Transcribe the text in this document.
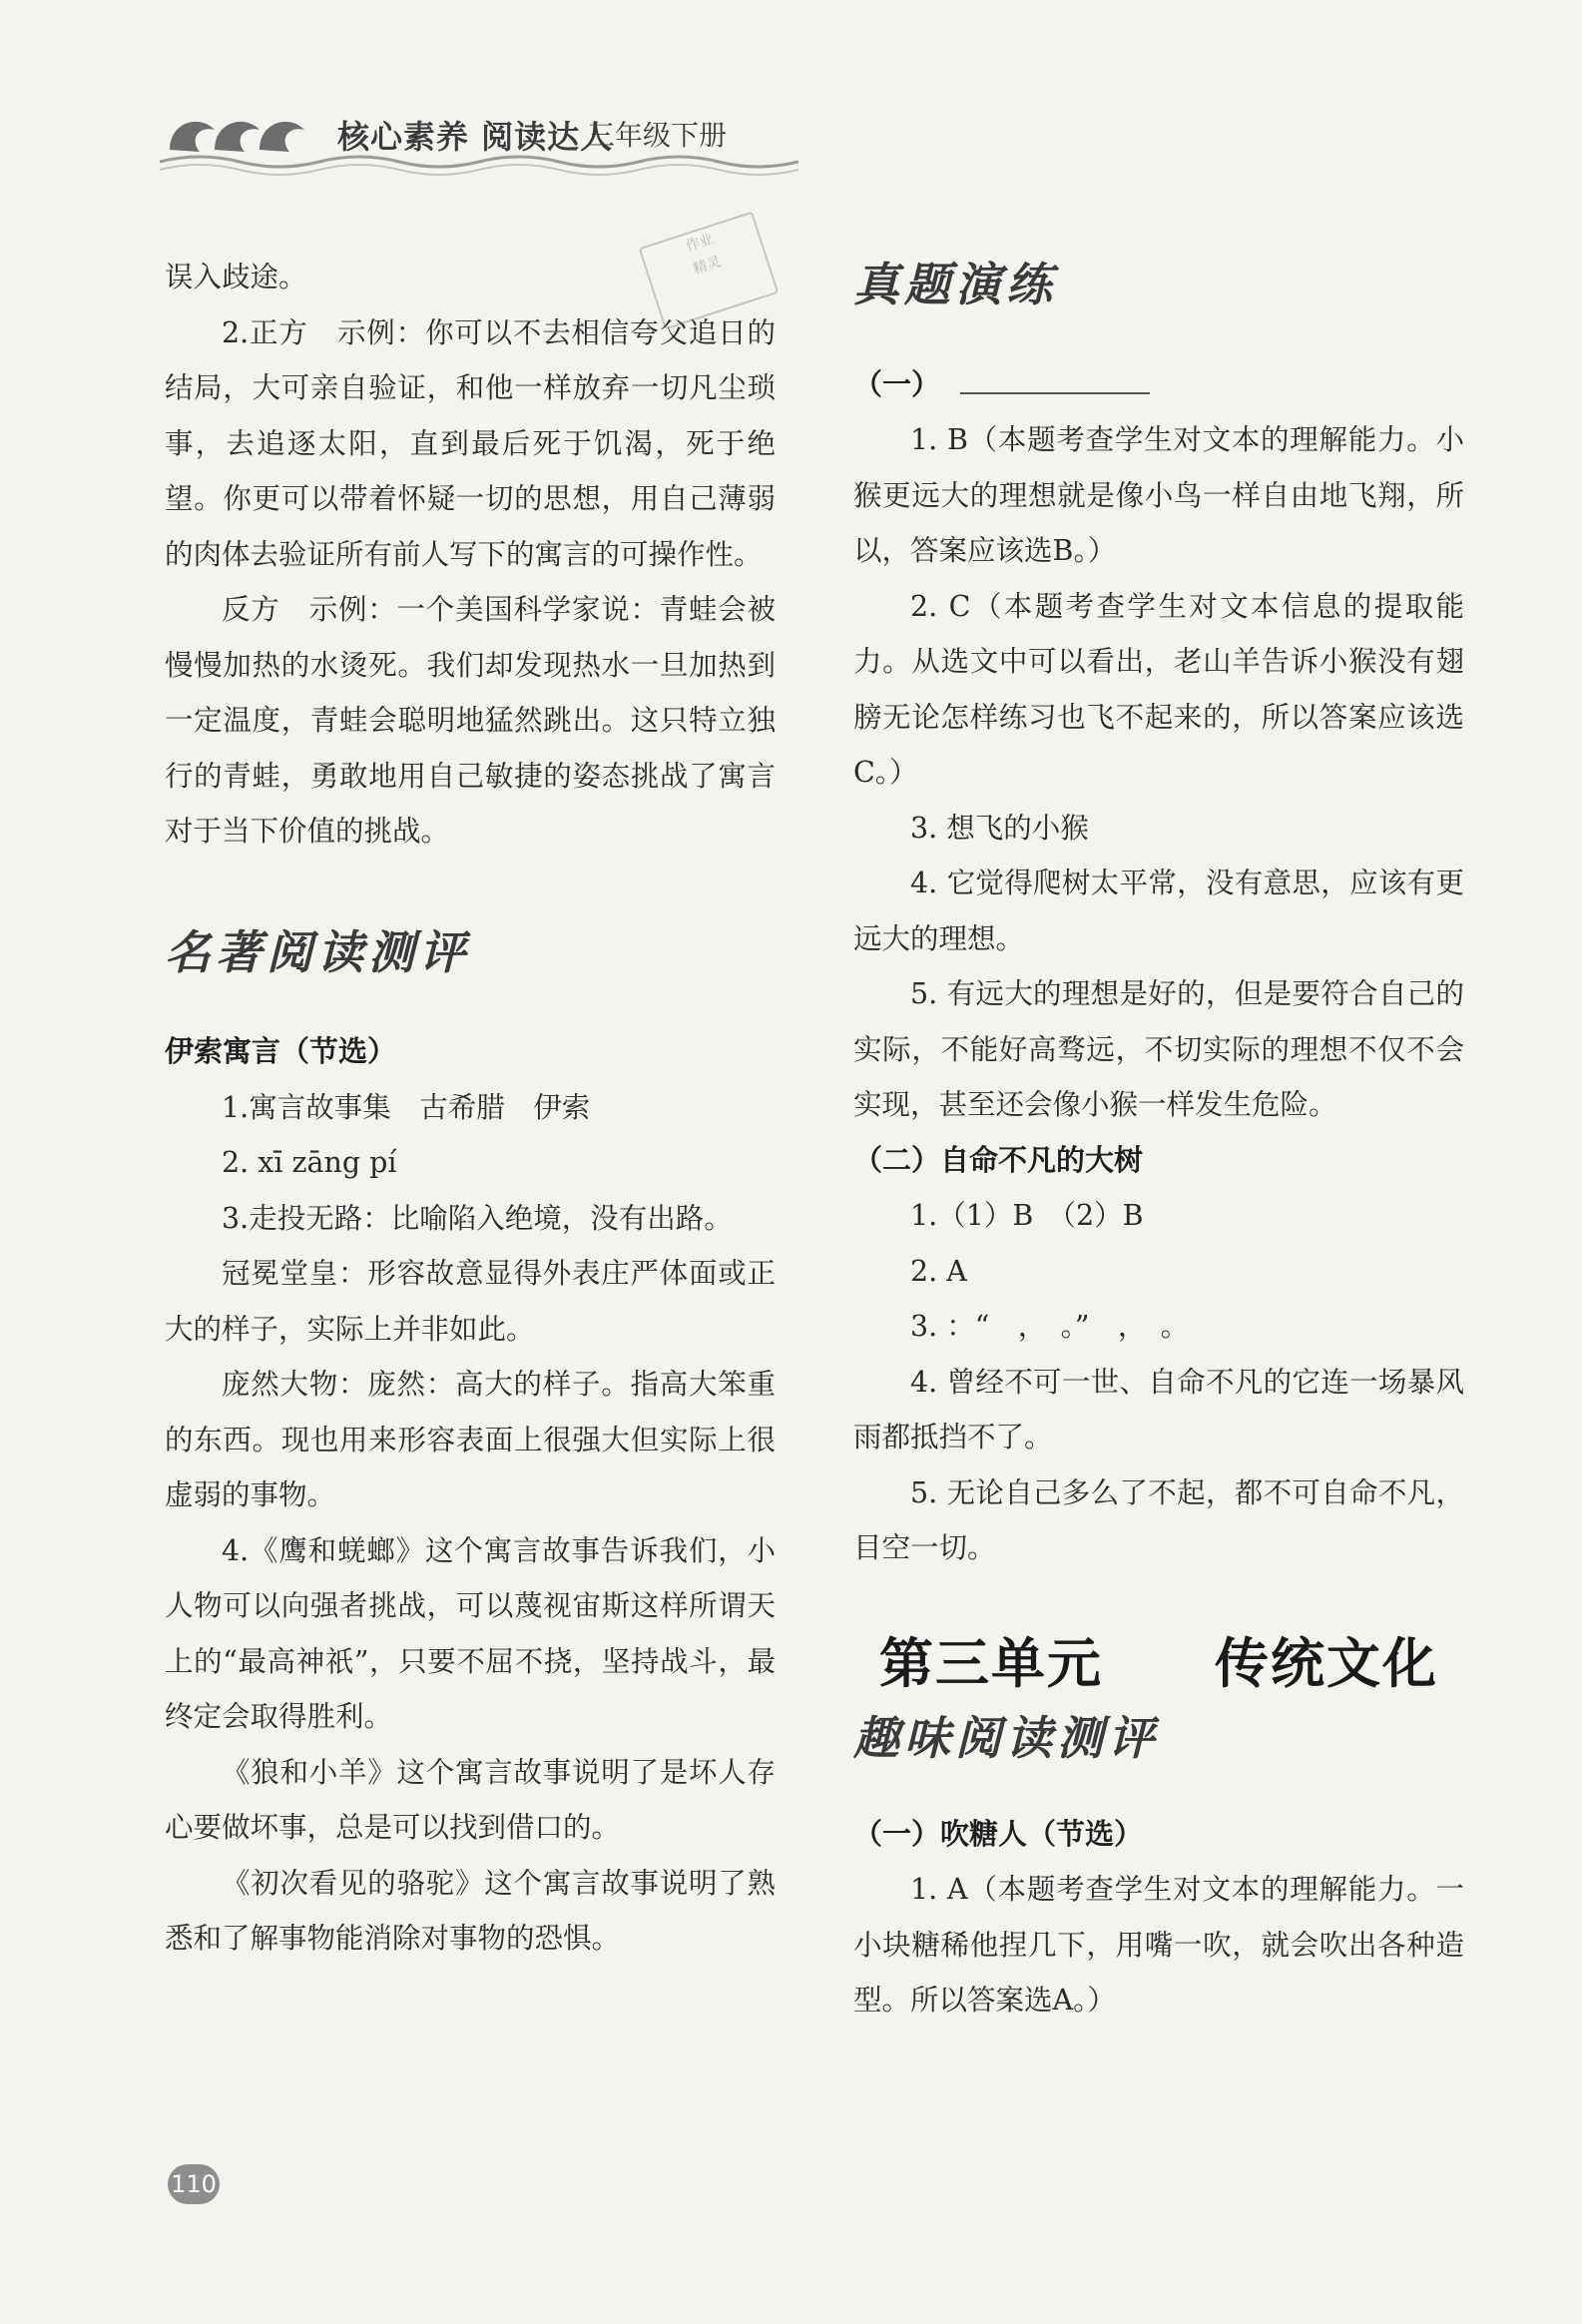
核心素养 阅读达人
三年级下册
作业
精灵

误入歧途。

2.正方　示例：你可以不去相信夸父追日的结局，大可亲自验证，和他一样放弃一切凡尘琐事，去追逐太阳，直到最后死于饥渴，死于绝望。你更可以带着怀疑一切的思想，用自己薄弱的肉体去验证所有前人写下的寓言的可操作性。

反方　示例：一个美国科学家说：青蛙会被慢慢加热的水烫死。我们却发现热水一旦加热到一定温度，青蛙会聪明地猛然跳出。这只特立独行的青蛙，勇敢地用自己敏捷的姿态挑战了寓言对于当下价值的挑战。

名著阅读测评

伊索寓言（节选）

1.寓言故事集　古希腊　伊索

2. xī zāng pí

3.走投无路：比喻陷入绝境，没有出路。

冠冕堂皇：形容故意显得外表庄严体面或正大的样子，实际上并非如此。

庞然大物：庞然：高大的样子。指高大笨重的东西。现也用来形容表面上很强大但实际上很虚弱的事物。

4.《鹰和蜣螂》这个寓言故事告诉我们，小人物可以向强者挑战，可以蔑视宙斯这样所谓天上的“最高神祇”，只要不屈不挠，坚持战斗，最终定会取得胜利。

《狼和小羊》这个寓言故事说明了是坏人存心要做坏事，总是可以找到借口的。

《初次看见的骆驼》这个寓言故事说明了熟悉和了解事物能消除对事物的恐惧。

真题演练

（一）

1. B（本题考查学生对文本的理解能力。小猴更远大的理想就是像小鸟一样自由地飞翔，所以，答案应该选B。）

2. C（本题考查学生对文本信息的提取能力。从选文中可以看出，老山羊告诉小猴没有翅膀无论怎样练习也飞不起来的，所以答案应该选C。）

3. 想飞的小猴

4. 它觉得爬树太平常，没有意思，应该有更远大的理想。

5. 有远大的理想是好的，但是要符合自己的实际，不能好高骛远，不切实际的理想不仅不会实现，甚至还会像小猴一样发生危险。

（二）自命不凡的大树

1.（1）B　（2）B

2. A

3. ：“　，　。”　，　。

4. 曾经不可一世、自命不凡的它连一场暴风雨都抵挡不了。

5. 无论自己多么了不起，都不可自命不凡，目空一切。

第三单元 传统文化

趣味阅读测评

（一）吹糖人（节选）

1. A（本题考查学生对文本的理解能力。一小块糖稀他捏几下，用嘴一吹，就会吹出各种造型。所以答案选A。）

110
